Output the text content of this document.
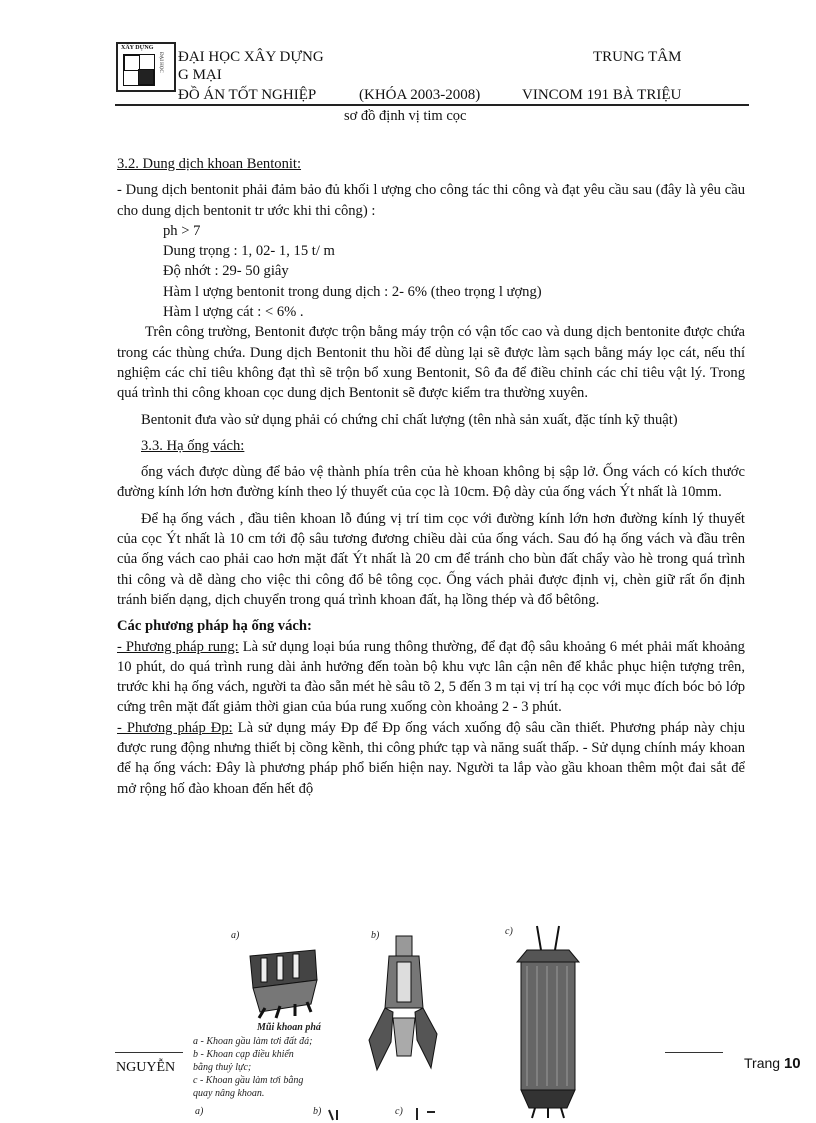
XÂY DỰNG
ĐẠI HỌC ĐẠI HỌC XÂY DỰNG	TRUNG TÂM
G MẠI
ĐỒ ÁN TỐT NGHIỆP	(KHÓA 2003-2008)	VINCOM 191 BÀ TRIỆU
sơ đồ định vị tim cọc

3.2. Dung dịch khoan Bentonit:

- Dung dịch bentonit phải đảm bảo đủ khối l ượng cho công tác thi công và đạt yêu cầu sau (đây là yêu cầu cho dung dịch bentonit tr ước khi thi công) :

ph > 7

Dung trọng : 1, 02- 1, 15 t/ m

Độ nhớt : 29- 50 giây

Hàm l ượng bentonit trong dung dịch : 2- 6% (theo trọng l ượng)

Hàm l ượng cát : < 6% .

Trên công trường, Bentonit được trộn bằng máy trộn có vận tốc cao và dung dịch bentonite được chứa trong các thùng chứa. Dung dịch Bentonit thu hồi để dùng lại sẽ được làm sạch bằng máy lọc cát, nếu thí nghiệm các chỉ tiêu không đạt thì sẽ trộn bổ xung Bentonit, Sô đa để điều chỉnh các chỉ tiêu vật lý. Trong quá trình thi công khoan cọc dung dịch Bentonit sẽ được kiểm tra thường xuyên.

Bentonit đưa vào sử dụng phải có chứng chỉ chất lượng (tên nhà sản xuất, đặc tính kỹ thuật)

3.3. Hạ ống vách:

ống vách được dùng để bảo vệ thành phía trên của hè khoan không bị sập lở. Ống vách có kích thước đường kính lớn hơn đường kính theo lý thuyết của cọc là 10cm. Độ dày của ống vách Ýt nhất là 10mm.

Để hạ ống vách , đầu tiên khoan lỗ đúng vị trí tim cọc với đường kính lớn hơn đường kính lý thuyết của cọc Ýt nhất là 10 cm tới độ sâu tương đương chiều dài của ống vách. Sau đó hạ ống vách và đầu trên của ống vách cao phải cao hơn mặt đất Ýt nhất là 20 cm để tránh cho bùn đất chẩy vào hè trong quá trình thi công và dễ dàng cho việc thi công đổ bê tông cọc. Ống vách phải được định vị, chèn giữ rất ổn định tránh biến dạng, dịch chuyển trong quá trình khoan đất, hạ lồng thép và đổ bêtông.

Các phương pháp hạ ống vách:

- Phương pháp rung: Là sử dụng loại búa rung thông thường, để đạt độ sâu khoảng 6 mét phải mất khoảng 10 phút, do quá trình rung dài ảnh hưởng đến toàn bộ khu vực lân cận nên để khắc phục hiện tượng trên, trước khi hạ ống vách, người ta đào sẵn mét hè sâu tõ 2, 5 đến 3 m tại vị trí hạ cọc với mục đích bóc bỏ lớp cứng trên mặt đất giảm thời gian của búa rung xuống còn khoảng 2 - 3 phút.

- Phương pháp Đp: Là sử dụng máy Đp để Đp ống vách xuống độ sâu cần thiết. Phương pháp này chịu được rung động nhưng thiết bị cồng kềnh, thi công phức tạp và năng suất thấp. - Sử dụng chính máy khoan để hạ ống vách: Đây là phương pháp phổ biến hiện nay. Người ta lắp vào gầu khoan thêm một đai sắt để mở rộng hố đào khoan đến hết độ

a)	b)	c)
Mũi khoan phá
a - Khoan gầu làm tơi đất đá;
b - Khoan cạp điều khiển
bằng thuỷ lực;
c - Khoan gầu làm tơi bằng
quay nâng khoan.
a)	b)	c)
NGUYỄN	Trang 10
